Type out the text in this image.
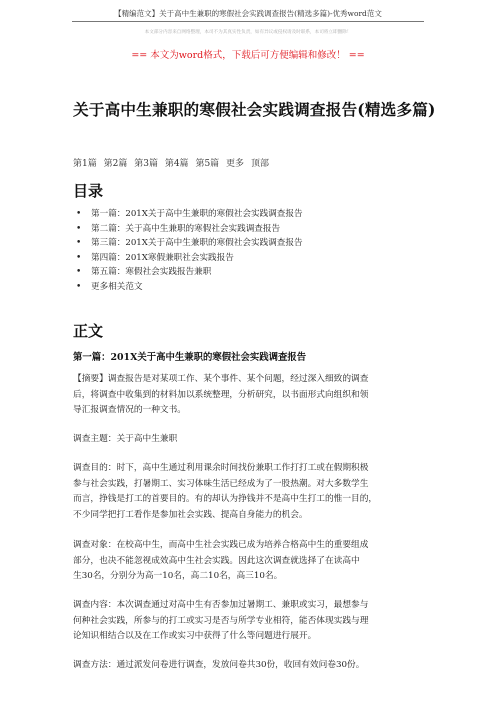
【精编范文】关于高中生兼职的寒假社会实践调查报告(精选多篇)-优秀word范文
本文部分内容来自网络整理，本司不为其真实性负责，如有异议或侵权请及时联系，本司将立即删除！
== 本文为word格式，下载后可方便编辑和修改！ ==
关于高中生兼职的寒假社会实践调查报告(精选多篇)
第1篇 第2篇 第3篇 第4篇 第5篇 更多 顶部
目录
• 第一篇：201X关于高中生兼职的寒假社会实践调查报告
• 第二篇：关于高中生兼职的寒假社会实践调查报告
• 第三篇：201X关于高中生兼职的寒假社会实践调查报告
• 第四篇：201X寒假兼职社会实践报告
• 第五篇：寒假社会实践报告兼职
• 更多相关范文
正文
第一篇：201X关于高中生兼职的寒假社会实践调查报告

【摘要】调查报告是对某项工作、某个事件、某个问题，经过深入细致的调查
后，将调查中收集到的材料加以系统整理，分析研究，以书面形式向组织和领
导汇报调查情况的一种文书。

调查主题：关于高中生兼职

调查目的：时下，高中生通过利用课余时间找份兼职工作打打工或在假期积极
参与社会实践，打暑期工、实习体味生活已经成为了一股热潮。对大多数学生
而言，挣钱是打工的首要目的。有的却认为挣钱并不是高中生打工的惟一目的，
不少同学把打工看作是参加社会实践、提高自身能力的机会。

调查对象：在校高中生，而高中生社会实践已成为培养合格高中生的重要组成
部分，也决不能忽视成效高中生社会实践。因此这次调查就选择了在读高中
生30名，分别分为高一10名，高二10名，高三10名。

调查内容：本次调查通过对高中生有否参加过暑期工、兼职或实习，最想参与
何种社会实践，所参与的打工或实习是否与所学专业相符，能否体现实践与理
论知识相结合以及在工作或实习中获得了什么等问题进行展开。

调查方法：通过派发问卷进行调查，发放问卷共30份，收回有效问卷30份。
